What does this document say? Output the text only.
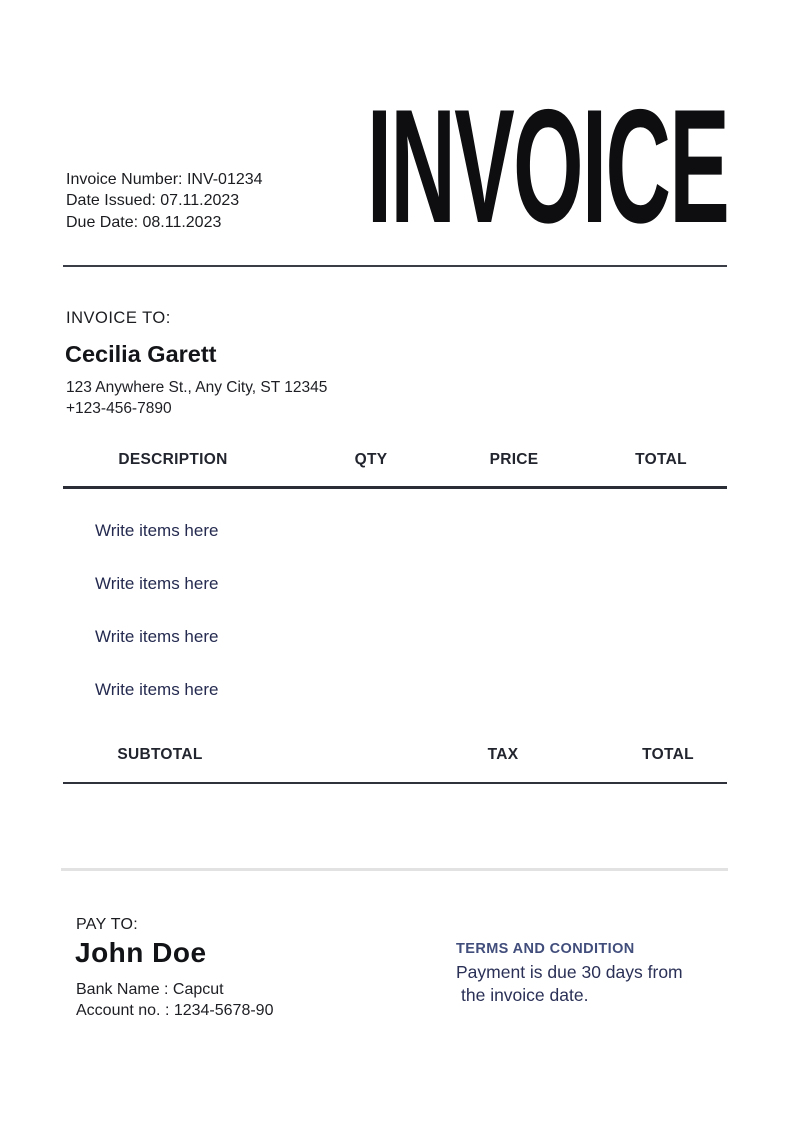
INVOICE
Invoice Number: INV-01234
Date Issued: 07.11.2023
Due Date: 08.11.2023
INVOICE TO:
Cecilia Garett
123 Anywhere St., Any City, ST 12345
+123-456-7890
DESCRIPTION	QTY	PRICE	TOTAL
Write items here
Write items here
Write items here
Write items here
SUBTOTAL	TAX	TOTAL
PAY TO:
John Doe
Bank Name : Capcut
Account no. : 1234-5678-90
TERMS AND CONDITION
Payment is due 30 days from
the invoice date.
